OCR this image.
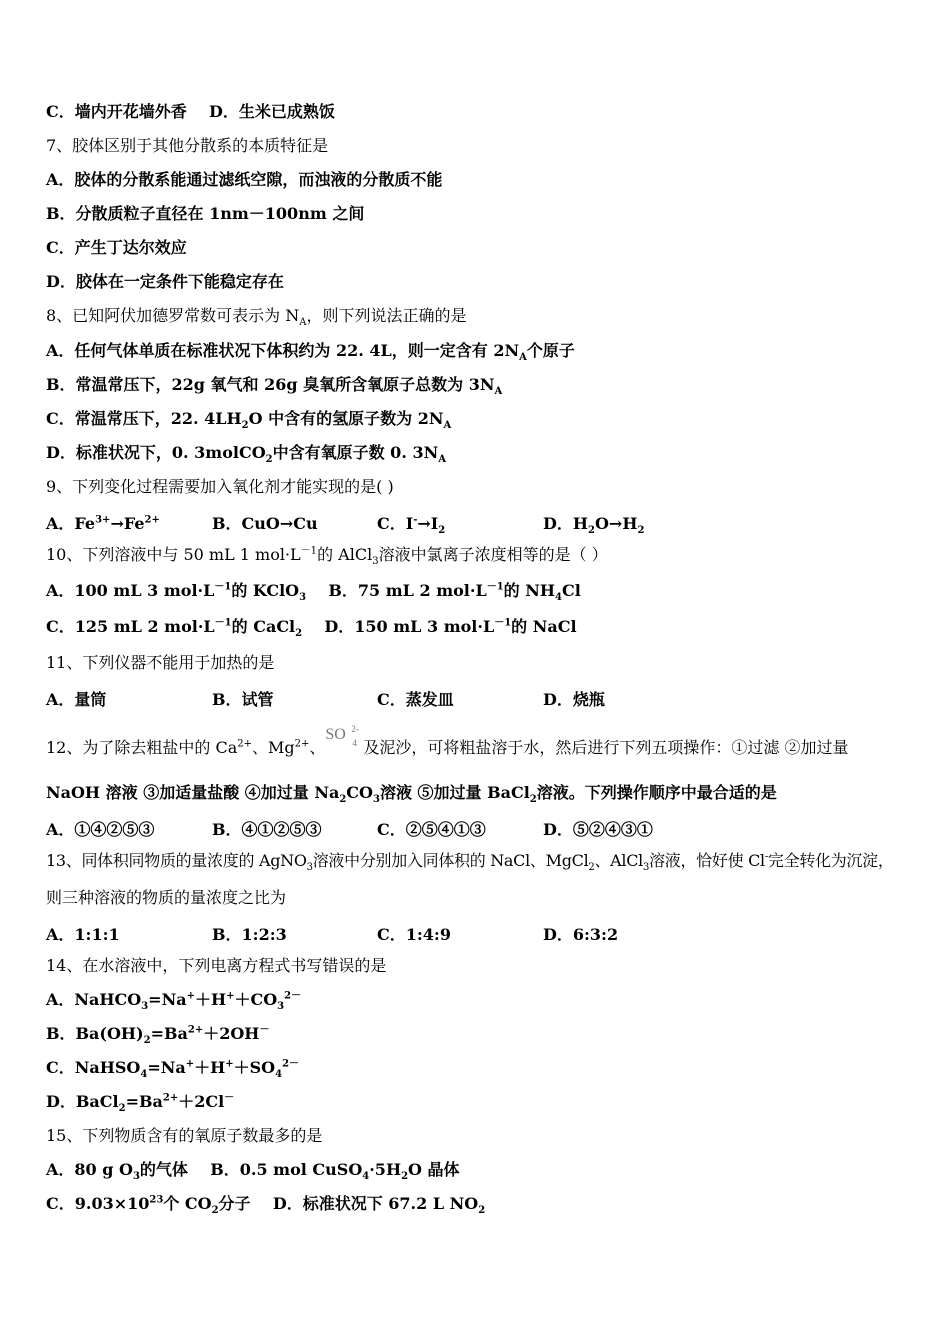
C．墙内开花墙外香 D．生米已成熟饭
7、胶体区别于其他分散系的本质特征是
A．胶体的分散系能通过滤纸空隙，而浊液的分散质不能
B．分散质粒子直径在 1nm－100nm 之间
C．产生丁达尔效应
D．胶体在一定条件下能稳定存在
8、已知阿伏加德罗常数可表示为 $N_A$，则下列说法正确的是
A．任何气体单质在标准状况下体积约为 22. 4L，则一定含有 $2N_A$个原子
B．常温常压下，22g 氧气和 26g 臭氧所含氧原子总数为 $3N_A$
C．常温常压下，22. $4LH_2O$ 中含有的氢原子数为 $2N_A$
D．标准状况下，0. 3molCO$_2$中含有氧原子数 0. $3N_A$
9、下列变化过程需要加入氧化剂才能实现的是( )
A．$Fe^{3+}\to Fe^{2+}$	B．CuO→Cu	C．$I^-\to I_2$	D．$H_2O\to H_2$
10、下列溶液中与 50 mL 1 $mol\cdot L^{-1}$的 AlCl$_3$溶液中氯离子浓度相等的是（ ）
A．100 mL 3 $mol\cdot L^{-1}$的 KClO$_3$ B．75 mL 2 $mol\cdot L^{-1}$的 $NH_4Cl$
C．125 mL 2 $mol\cdot L^{-1}$的 CaCl$_2$ D．150 mL 3 $mol\cdot L^{-1}$的 NaCl
11、下列仪器不能用于加热的是
A．量筒	B．试管	C．蒸发皿	D．烧瓶
12、为了除去粗盐中的 $Ca^{2+}$、$Mg^{2+}$、
SO 2-
4 及泥沙，可将粗盐溶于水，然后进行下列五项操作：①过滤 ②加过量
NaOH 溶液 ③加适量盐酸 ④加过量 $Na_2CO_3$溶液 ⑤加过量 BaCl$_2$溶液。下列操作顺序中最合适的是
A．①④②⑤③	B．④①②⑤③	C．②⑤④①③	D．⑤②④③①
13、同体积同物质的量浓度的 AgNO$_3$溶液中分别加入同体积的 NaCl、MgCl$_2$、AlCl$_3$溶液，恰好使 Cl-完全转化为沉淀，
则三种溶液的物质的量浓度之比为
A．1:1:1	B．1:2:3	C．1:4:9	D．6:3:2
14、在水溶液中，下列电离方程式书写错误的是
A．$NaHCO_3=Na^++H^++CO_3^{2-}$
B．$Ba(OH)_2=Ba^{2+}+2OH^-$
C．$NaHSO_4=Na^++H^++SO_4^{2-}$
D．$BaCl_2=Ba^{2+}+2Cl^-$
15、下列物质含有的氧原子数最多的是
A．80 g $O_3$的气体 B．0.5 mol $CuSO_4\cdot 5H_2O$ 晶体
C．$9.03\times 10^{23}$个 $CO_2$分子 D．标准状况下 67.2 L $NO_2$
